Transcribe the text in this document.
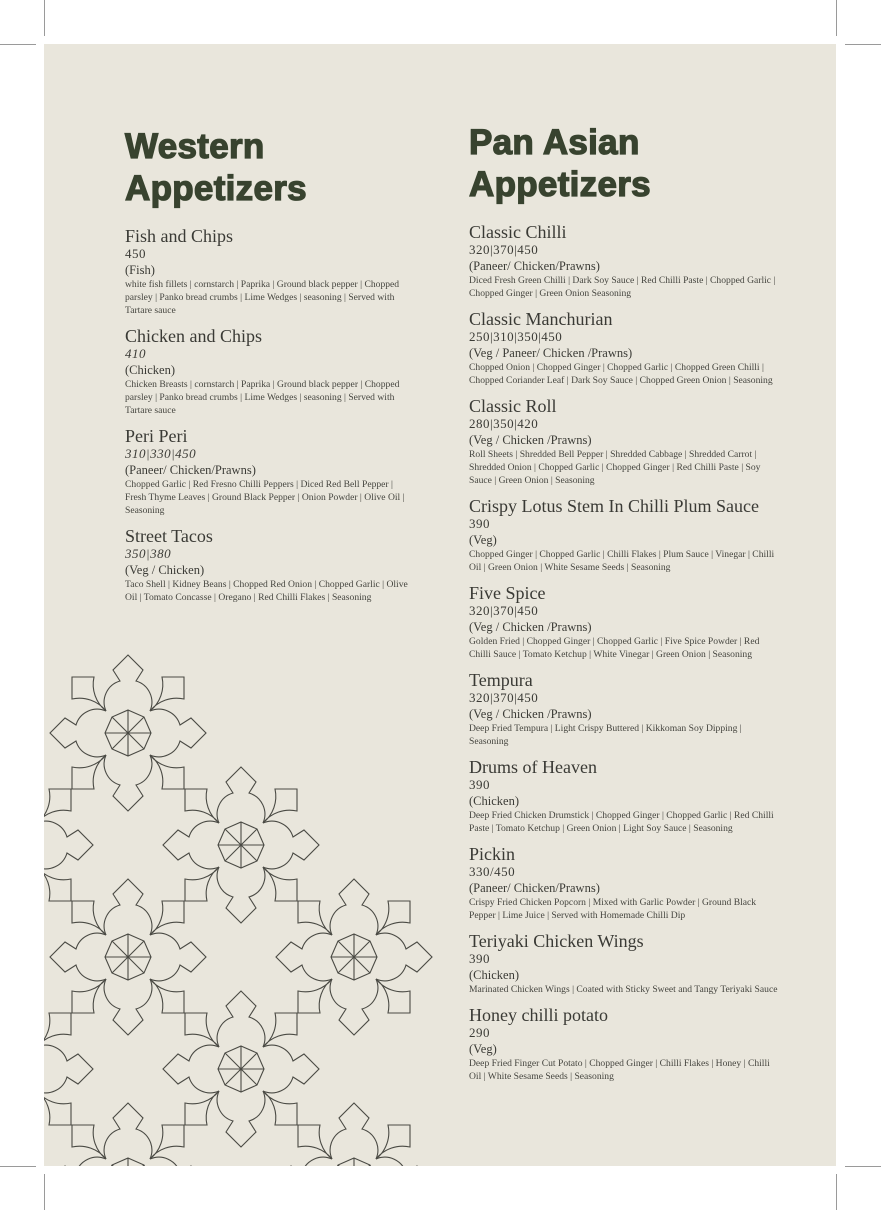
Western
Appetizers
Fish and Chips
450
(Fish)
white fish fillets | cornstarch | Paprika | Ground black pepper | Chopped parsley | Panko bread crumbs | Lime Wedges | seasoning | Served with Tartare sauce
Chicken and Chips
410
(Chicken)
Chicken Breasts | cornstarch | Paprika | Ground black pepper | Chopped parsley | Panko bread crumbs | Lime Wedges | seasoning | Served with Tartare sauce
Peri Peri
310|330|450
(Paneer/ Chicken/Prawns)
Chopped Garlic | Red Fresno Chilli Peppers | Diced Red Bell Pepper | Fresh Thyme Leaves | Ground Black Pepper | Onion Powder | Olive Oil | Seasoning
Street Tacos
350|380
(Veg / Chicken)
Taco Shell | Kidney Beans | Chopped Red Onion | Chopped Garlic | Olive Oil | Tomato Concasse | Oregano | Red Chilli Flakes | Seasoning
Pan Asian
Appetizers
Classic Chilli
320|370|450
(Paneer/ Chicken/Prawns)
Diced Fresh Green Chilli | Dark Soy Sauce | Red Chilli Paste | Chopped Garlic | Chopped Ginger | Green Onion Seasoning
Classic Manchurian
250|310|350|450
(Veg / Paneer/ Chicken /Prawns)
Chopped Onion | Chopped Ginger | Chopped Garlic | Chopped Green Chilli | Chopped Coriander Leaf | Dark Soy Sauce | Chopped Green Onion | Seasoning
Classic Roll
280|350|420
(Veg / Chicken /Prawns)
Roll Sheets | Shredded Bell Pepper | Shredded Cabbage | Shredded Carrot | Shredded Onion | Chopped Garlic | Chopped Ginger | Red Chilli Paste | Soy Sauce | Green Onion | Seasoning
Crispy Lotus Stem In Chilli Plum Sauce
390
(Veg)
Chopped Ginger | Chopped Garlic | Chilli Flakes | Plum Sauce | Vinegar | Chilli Oil | Green Onion | White Sesame Seeds | Seasoning
Five Spice
320|370|450
(Veg / Chicken /Prawns)
Golden Fried | Chopped Ginger | Chopped Garlic | Five Spice Powder | Red Chilli Sauce | Tomato Ketchup | White Vinegar | Green Onion | Seasoning
Tempura
320|370|450
(Veg / Chicken /Prawns)
Deep Fried Tempura | Light Crispy Buttered | Kikkoman Soy Dipping | Seasoning
Drums of Heaven
390
(Chicken)
Deep Fried Chicken Drumstick | Chopped Ginger | Chopped Garlic | Red Chilli Paste | Tomato Ketchup | Green Onion | Light Soy Sauce | Seasoning
Pickin
330/450
(Paneer/ Chicken/Prawns)
Crispy Fried Chicken Popcorn | Mixed with Garlic Powder | Ground Black Pepper | Lime Juice | Served with Homemade Chilli Dip
Teriyaki Chicken Wings
390
(Chicken)
Marinated Chicken Wings | Coated with Sticky Sweet and Tangy Teriyaki Sauce
Honey chilli potato
290
(Veg)
Deep Fried Finger Cut Potato | Chopped Ginger | Chilli Flakes | Honey | Chilli Oil | White Sesame Seeds | Seasoning
